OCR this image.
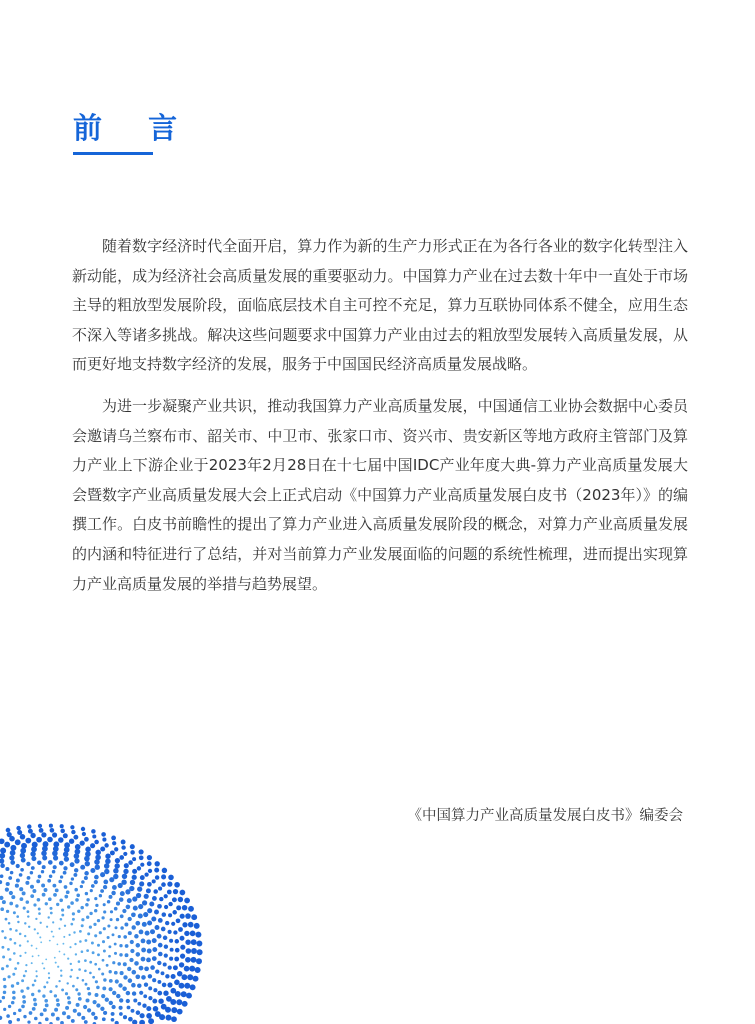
前 言

随着数字经济时代全面开启，算力作为新的生产力形式正在为各行各业的数字化转型注入新动能，成为经济社会高质量发展的重要驱动力。中国算力产业在过去数十年中一直处于市场主导的粗放型发展阶段，面临底层技术自主可控不充足，算力互联协同体系不健全，应用生态不深入等诸多挑战。解决这些问题要求中国算力产业由过去的粗放型发展转入高质量发展，从而更好地支持数字经济的发展，服务于中国国民经济高质量发展战略。

为进一步凝聚产业共识，推动我国算力产业高质量发展，中国通信工业协会数据中心委员会邀请乌兰察布市、韶关市、中卫市、张家口市、资兴市、贵安新区等地方政府主管部门及算力产业上下游企业于2023年2月28日在十七届中国IDC产业年度大典-算力产业高质量发展大会暨数字产业高质量发展大会上正式启动《中国算力产业高质量发展白皮书（2023年）》的编撰工作。白皮书前瞻性的提出了算力产业进入高质量发展阶段的概念，对算力产业高质量发展的内涵和特征进行了总结，并对当前算力产业发展面临的问题的系统性梳理，进而提出实现算力产业高质量发展的举措与趋势展望。

《中国算力产业高质量发展白皮书》编委会
